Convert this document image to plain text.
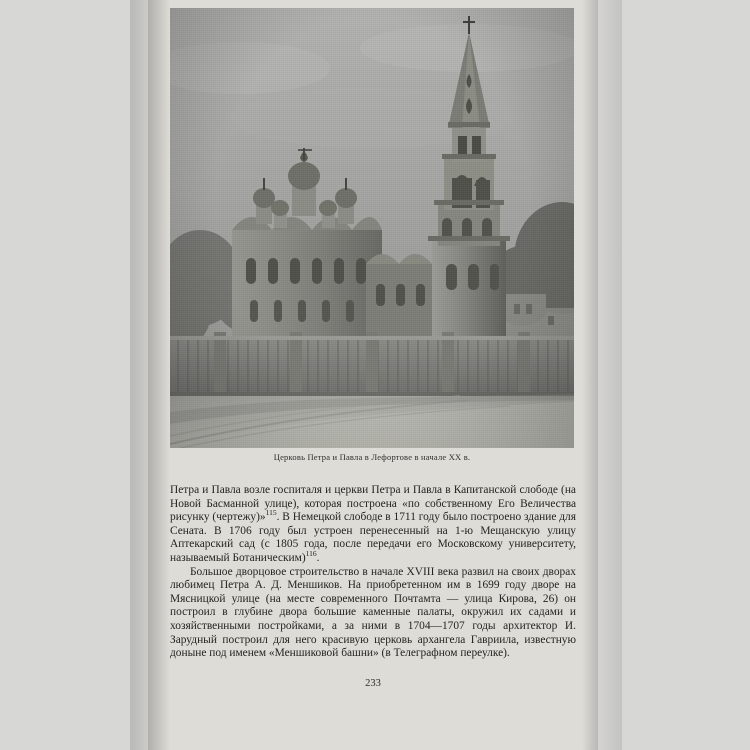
Церковь Петра и Павла в Лефортове в начале XX в.

Петра и Павла возле госпиталя и церкви Петра и Павла в Капитанской слободе (на Новой Басманной улице), которая построена «по собственному Его Величества рисунку (чертежу)»$^{115}$. В Немецкой слободе в 1711 году было построено здание для Сената. В 1706 году был устроен перенесенный на 1-ю Мещанскую улицу Аптекарский сад (с 1805 года, после передачи его Московскому университету, называемый Ботаническим)$^{116}$.

Большое дворцовое строительство в начале XVIII века развил на своих дворах любимец Петра А. Д. Меншиков. На приобретенном им в 1699 году дворе на Мясницкой улице (на месте современного Почтамта — улица Кирова, 26) он построил в глубине двора большие каменные палаты, окружил их садами и хозяйственными постройками, а за ними в 1704—1707 годы архитектор И. Зарудный построил для него красивую церковь архангела Гавриила, известную доныне под именем «Меншиковой башни» (в Телеграфном переулке).

233
